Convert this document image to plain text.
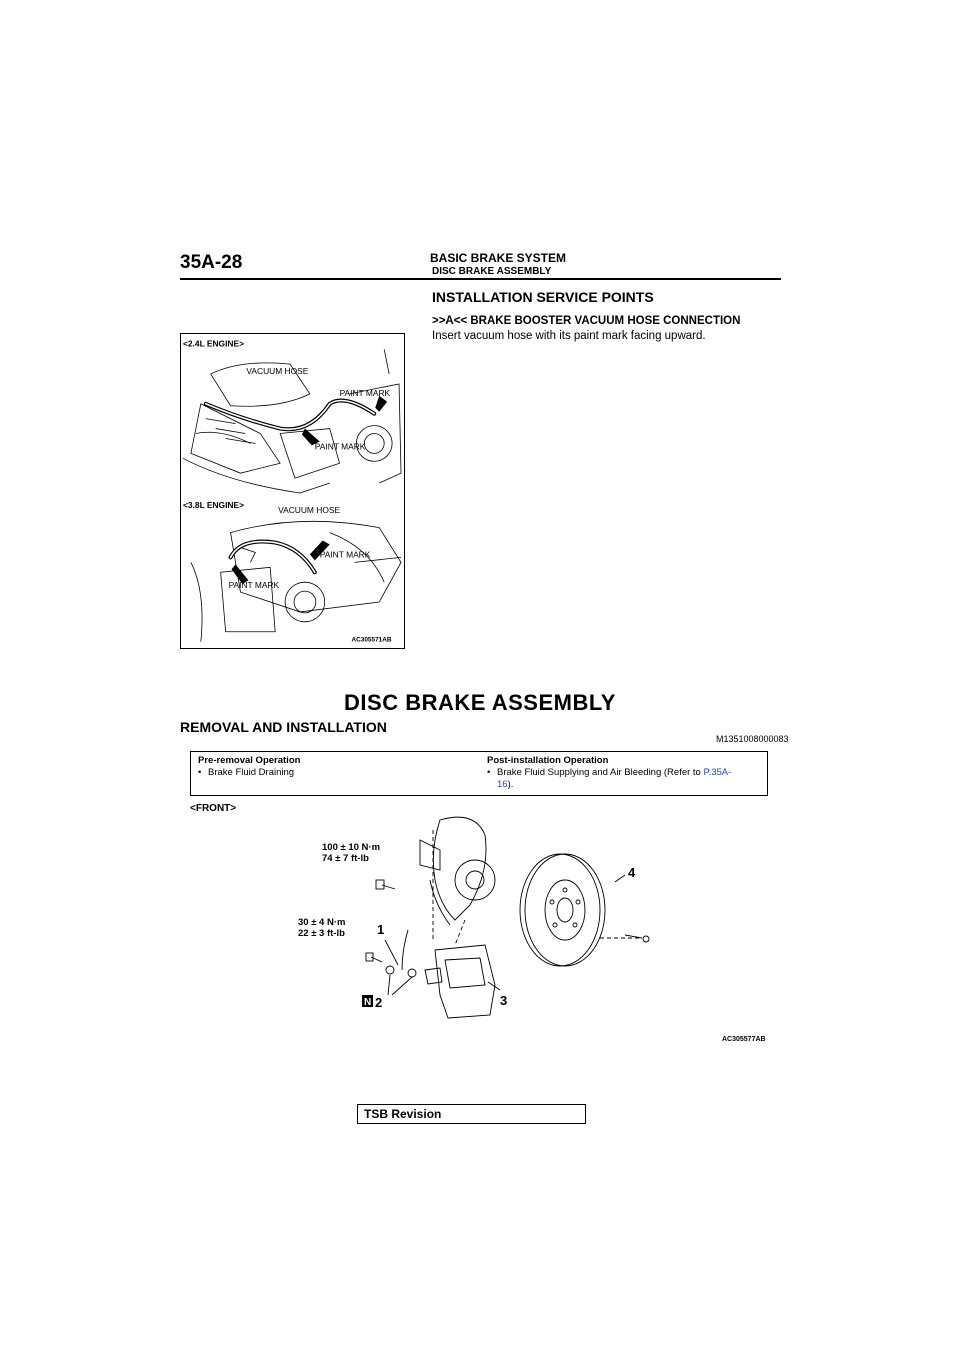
35A-28	BASIC BRAKE SYSTEM
DISC BRAKE ASSEMBLY
INSTALLATION SERVICE POINTS
>>A<< BRAKE BOOSTER VACUUM HOSE CONNECTION
Insert vacuum hose with its paint mark facing upward.
<2.4L ENGINE>
VACUUM HOSE
PAINT MARK
PAINT MARK
<3.8L ENGINE>	VACUUM HOSE
PAINT MARK
PAINT MARK
AC305571AB
DISC BRAKE ASSEMBLY
REMOVAL AND INSTALLATION
M1351008000083
Pre-removal Operation
• Brake Fluid Draining
Post-installation Operation
• Brake Fluid Supplying and Air Bleeding (Refer to P.35A-
16).
<FRONT>
100 ± 10 N·m
74 ± 7 ft-lb
30 ± 4 N·m
22 ± 3 ft-lb 1
N 2	3
4
AC305577AB
TSB Revision
